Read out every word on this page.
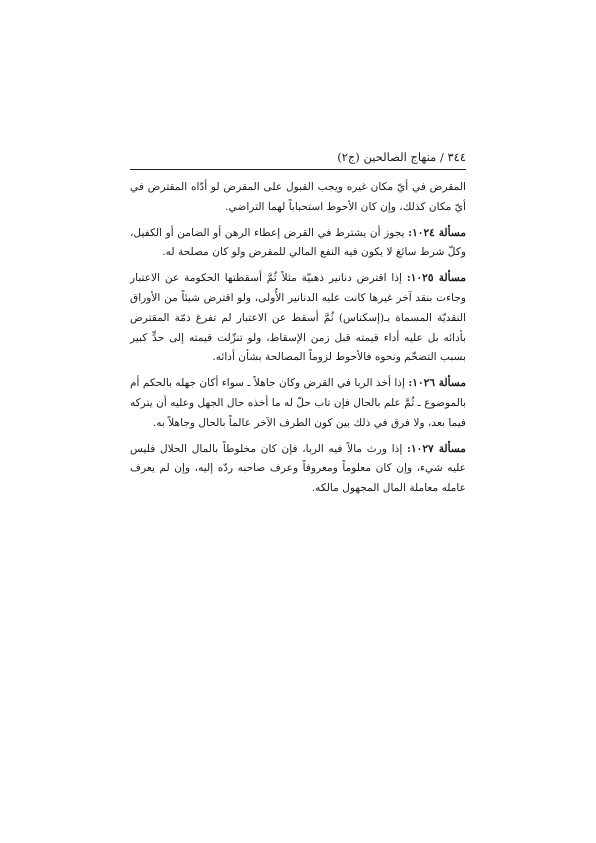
٣٤٤ / منهاج الصالحين (ج٢)

المقرض في أيّ مكان غيره ويجب القبول على المقرض لو أدّاه المقترض في أيّ مكان كذلك، وإن كان الأحوط استحباباً لهما التراضي.

مسألة ١٠٢٤: يجوز أن يشترط في القرض إعطاء الرهن أو الضامن أو الكفيل، وكلّ شرط سائغ لا يكون فيه النفع المالي للمقرض ولو كان مصلحة له.

مسألة ١٠٢٥: إذا اقترض دنانير ذهبيّة مثلاً ثُمَّ أسقطتها الحكومة عن الاعتبار وجاءت بنقد آخر غيرها كانت عليه الدنانير الأُولى، ولو اقترض شيئاً من الأوراق النقديّة المسماة بـ(إسكناس) ثُمَّ أسقط عن الاعتبار لم تفرغ ذمّة المقترض بأدائه بل عليه أداء قيمته قبل زمن الإسقاط، ولو تنزّلت قيمته إلى حدٍّ كبير بسبب التضخّم ونحوه فالأحوط لزوماً المصالحة بشأن أدائه.

مسألة ١٠٢٦: إذا أخذ الربا في القرض وكان جاهلاً ـ سواء أكان جهله بالحكم أم بالموضوع ـ ثُمَّ علم بالحال فإن تاب حلّ له ما أخذه حال الجهل وعليه أن يتركه فيما بعد، ولا فرق في ذلك بين كون الطرف الآخر عالماً بالحال وجاهلاً به.

مسألة ١٠٢٧: إذا ورث مالاً فيه الربا، فإن كان مخلوطاً بالمال الحلال فليس عليه شيء، وإن كان معلوماً ومعروفاً وعرف صاحبه ردّه إليه، وإن لم يعرف عامله معاملة المال المجهول مالكه.
